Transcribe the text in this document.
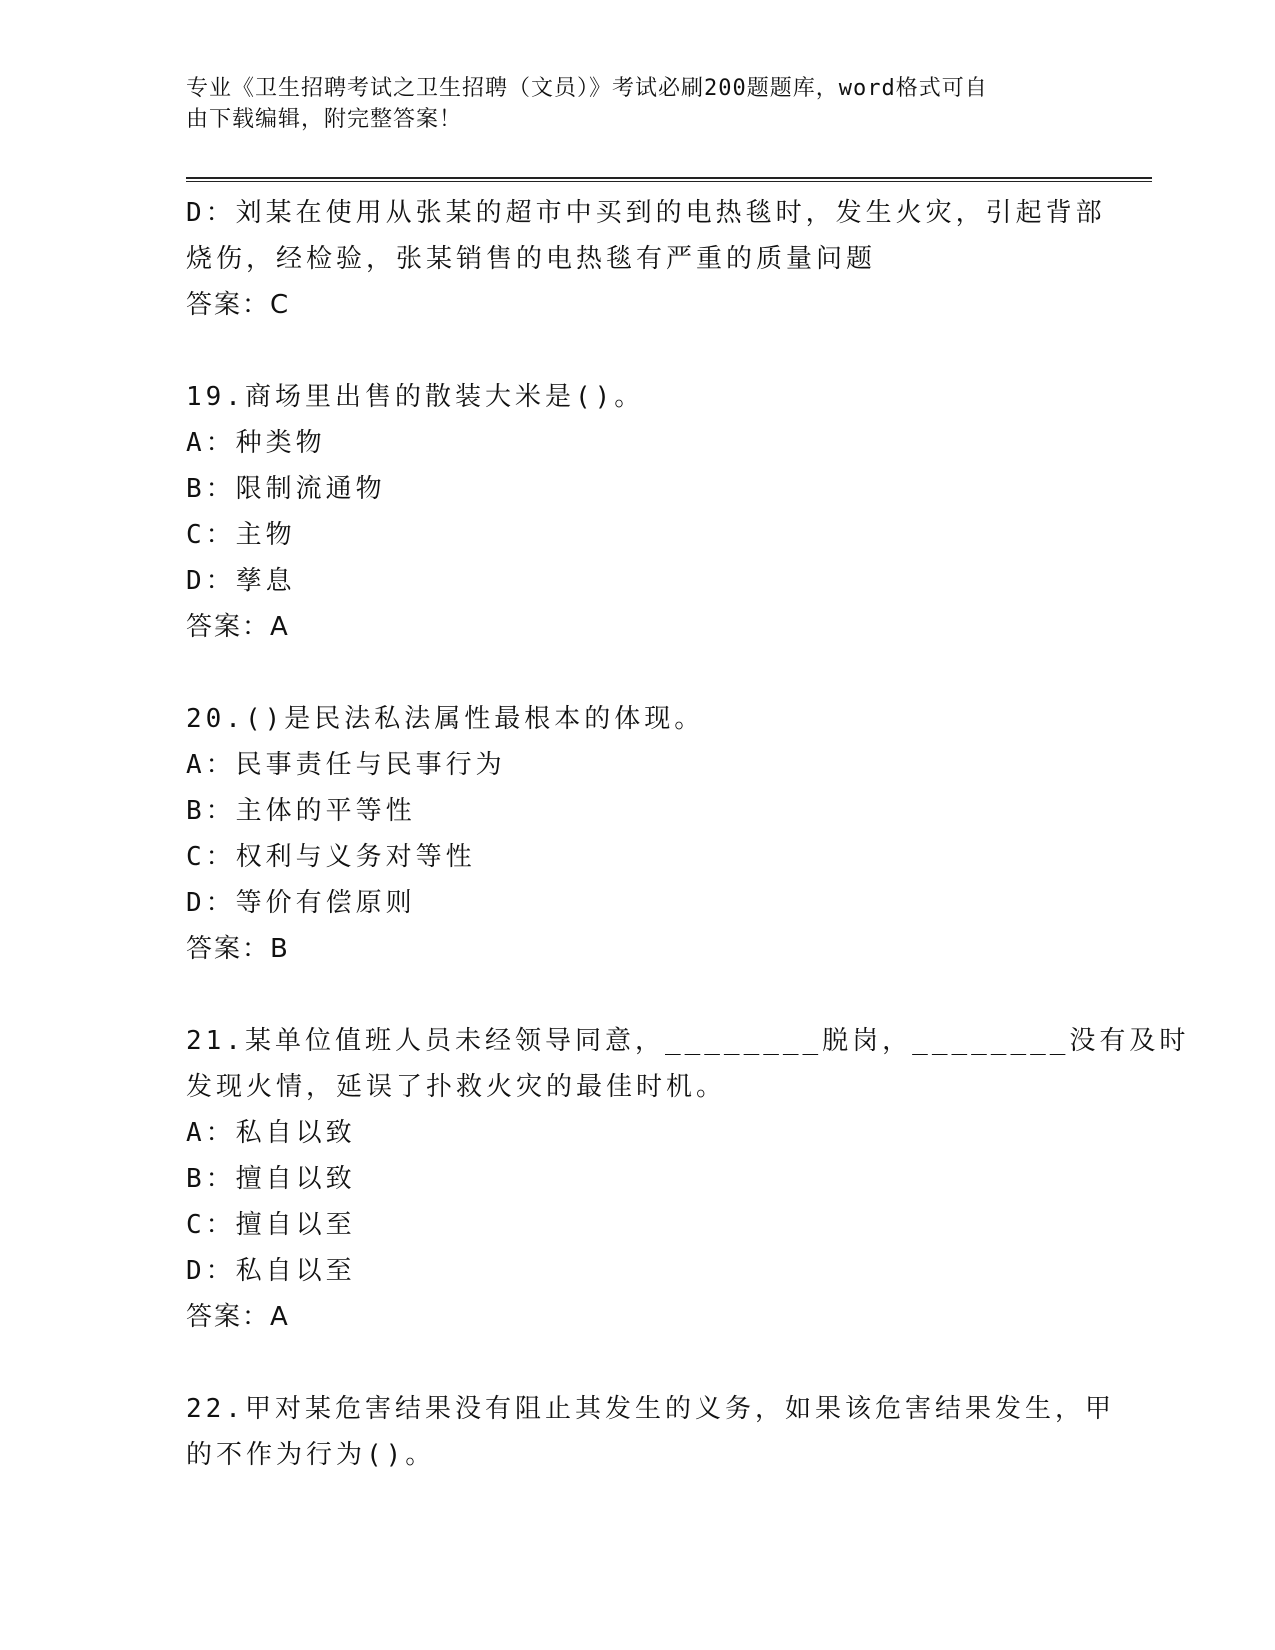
专业《卫生招聘考试之卫生招聘（文员）》考试必刷200题题库，word格式可自
由下载编辑，附完整答案！
D：刘某在使用从张某的超市中买到的电热毯时，发生火灾，引起背部
烧伤，经检验，张某销售的电热毯有严重的质量问题
答案：C
19.商场里出售的散装大米是()。
A：种类物
B：限制流通物
C：主物
D：孳息
答案：A
20.()是民法私法属性最根本的体现。
A：民事责任与民事行为
B：主体的平等性
C：权利与义务对等性
D：等价有偿原则
答案：B
21.某单位值班人员未经领导同意，________脱岗，________没有及时
发现火情，延误了扑救火灾的最佳时机。
A：私自以致
B：擅自以致
C：擅自以至
D：私自以至
答案：A
22.甲对某危害结果没有阻止其发生的义务，如果该危害结果发生，甲
的不作为行为()。
